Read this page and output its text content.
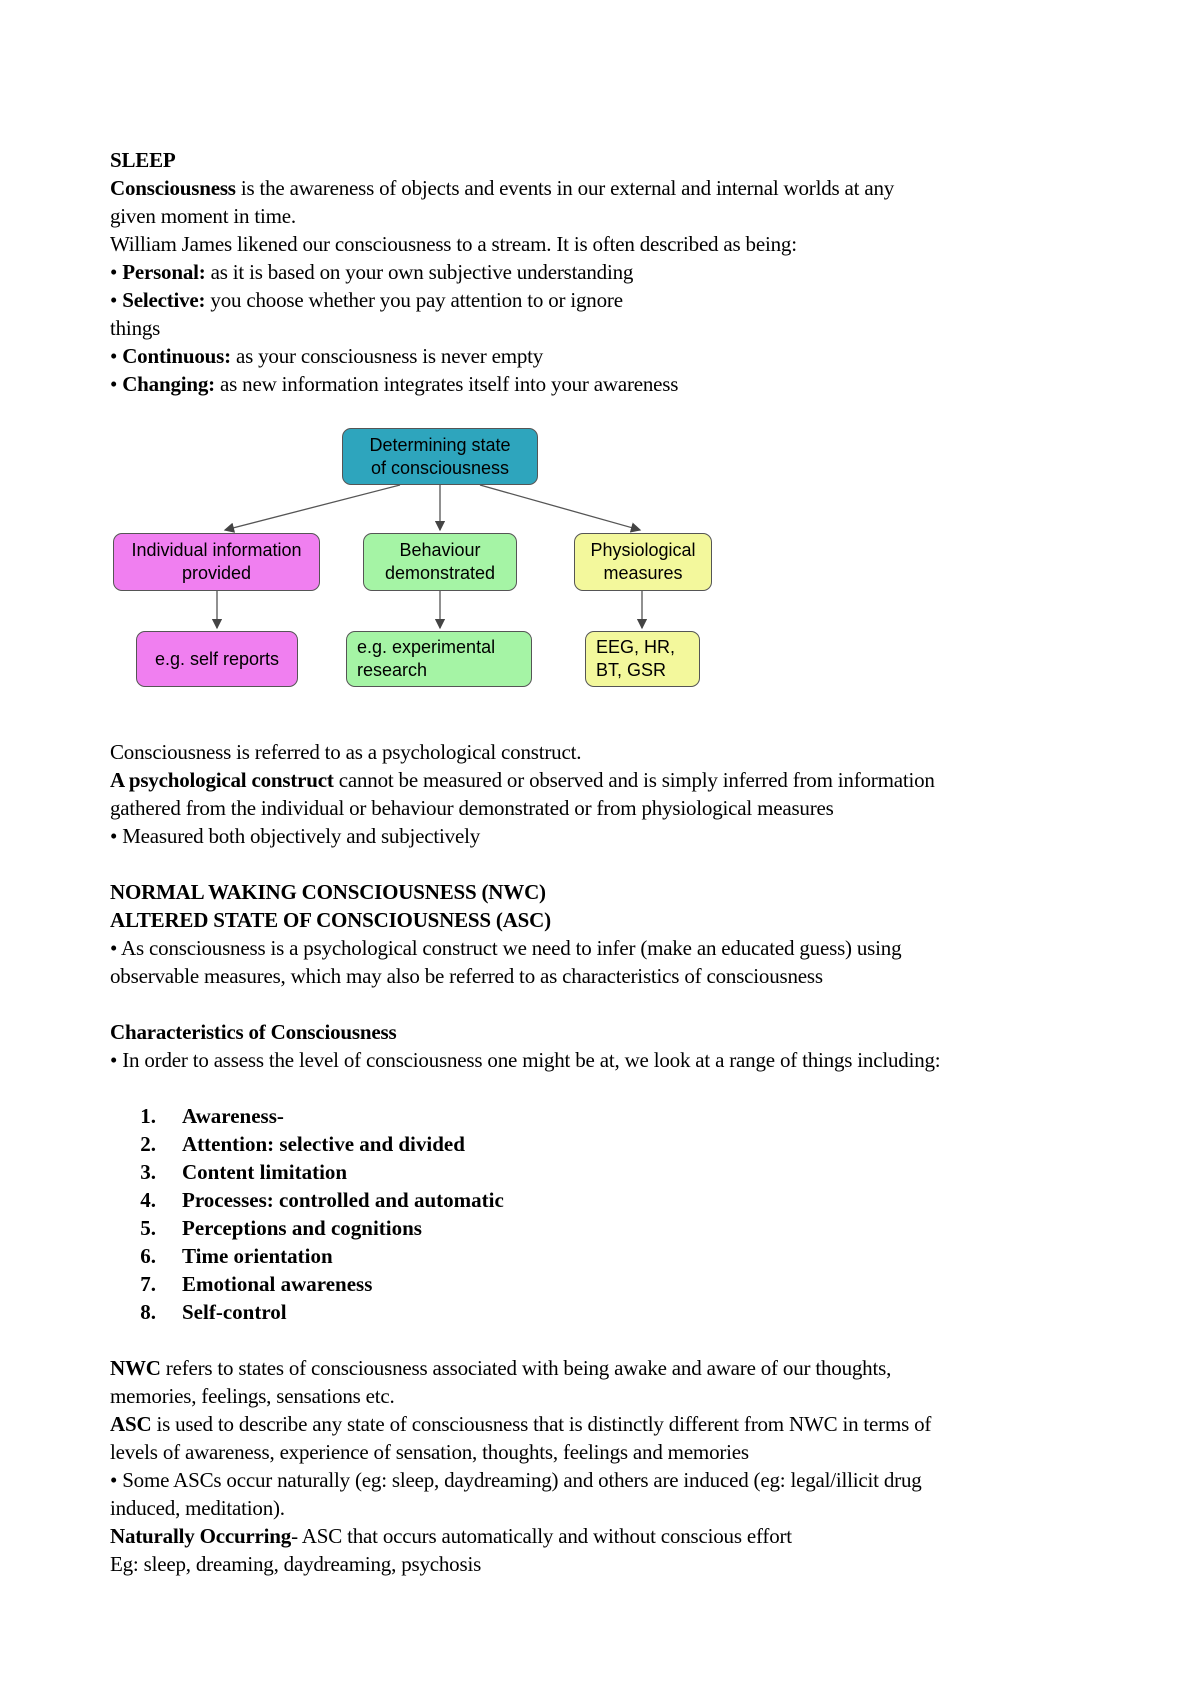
SLEEP
Consciousness is the awareness of objects and events in our external and internal worlds at any
given moment in time.
William James likened our consciousness to a stream. It is often described as being:
• Personal: as it is based on your own subjective understanding
• Selective: you choose whether you pay attention to or ignore
things
• Continuous: as your consciousness is never empty
• Changing: as new information integrates itself into your awareness
Consciousness is referred to as a psychological construct.
A psychological construct cannot be measured or observed and is simply inferred from information
gathered from the individual or behaviour demonstrated or from physiological measures
• Measured both objectively and subjectively
NORMAL WAKING CONSCIOUSNESS (NWC)
ALTERED STATE OF CONSCIOUSNESS (ASC)
• As consciousness is a psychological construct we need to infer (make an educated guess) using
observable measures, which may also be referred to as characteristics of consciousness
Characteristics of Consciousness
• In order to assess the level of consciousness one might be at, we look at a range of things including:
1. Awareness-
2. Attention: selective and divided
3. Content limitation
4. Processes: controlled and automatic
5. Perceptions and cognitions
6. Time orientation
7. Emotional awareness
8. Self-control
NWC refers to states of consciousness associated with being awake and aware of our thoughts,
memories, feelings, sensations etc.
ASC is used to describe any state of consciousness that is distinctly different from NWC in terms of
levels of awareness, experience of sensation, thoughts, feelings and memories
• Some ASCs occur naturally (eg: sleep, daydreaming) and others are induced (eg: legal/illicit drug
induced, meditation).
Naturally Occurring- ASC that occurs automatically and without conscious effort
Eg: sleep, dreaming, daydreaming, psychosis
Determining state
of consciousness
Individual information
provided
Behaviour
demonstrated
Physiological
measures
e.g. self reports
e.g. experimental
research
EEG, HR,
BT, GSR
